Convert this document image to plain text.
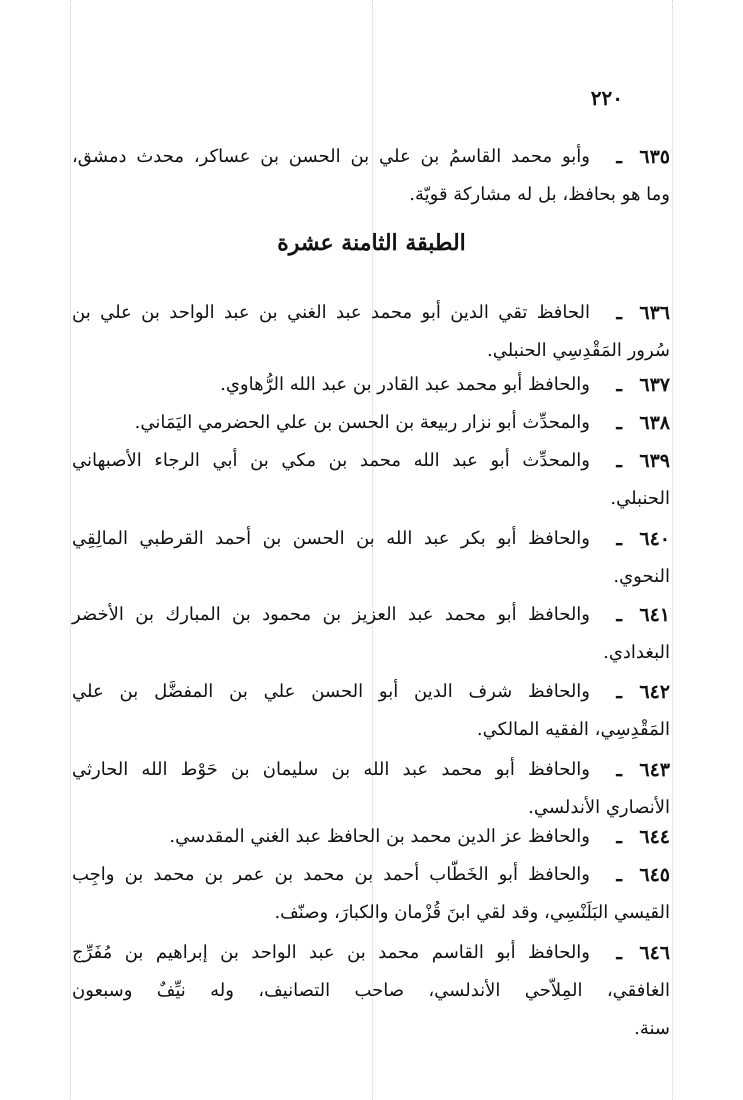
٢٢٠
الطبقة الثامنة عشرة
٦٣٥
ـ
وأبو محمد القاسمُ بن علي بن الحسن بن عساكر، محدث دمشق،
وما هو بحافظ، بل له مشاركة قويّة.
٦٣٦
ـ
الحافظ تقي الدين أبو محمد عبد الغني بن عبد الواحد بن علي بن
سُرور المَقْدِسِي الحنبلي.
٦٣٧
ـ
والحافظ أبو محمد عبد القادر بن عبد الله الرُّهاوي.
٦٣٨
ـ
والمحدِّث أبو نزار ربيعة بن الحسن بن علي الحضرمي اليَمَاني.
٦٣٩
ـ
والمحدِّث أبو عبد الله محمد بن مكي بن أبي الرجاء الأصبهاني
الحنبلي.
٦٤٠
ـ
والحافظ أبو بكر عبد الله بن الحسن بن أحمد القرطبي المالِقِي
النحوي.
٦٤١
ـ
والحافظ أبو محمد عبد العزيز بن محمود بن المبارك بن الأخضر
البغدادي.
٦٤٢
ـ
والحافظ شرف الدين أبو الحسن علي بن المفضَّل بن علي
المَقْدِسِي، الفقيه المالكي.
٦٤٣
ـ
والحافظ أبو محمد عبد الله بن سليمان بن حَوْط الله الحارثي
الأنصاري الأندلسي.
٦٤٤
ـ
والحافظ عز الدين محمد بن الحافظ عبد الغني المقدسي.
٦٤٥
ـ
والحافظ أبو الخَطّاب أحمد بن محمد بن عمر بن محمد بن واجِب
القيسي البَلَنْسِي، وقد لقي ابنَ قُزْمان والكبارَ، وصنّف.
٦٤٦
ـ
والحافظ أبو القاسم محمد بن عبد الواحد بن إبراهيم بن مُفَرِّج
الغافقي، المِلاّحي الأندلسي، صاحب التصانيف، وله نيِّفٌ وسبعون
سنة.
